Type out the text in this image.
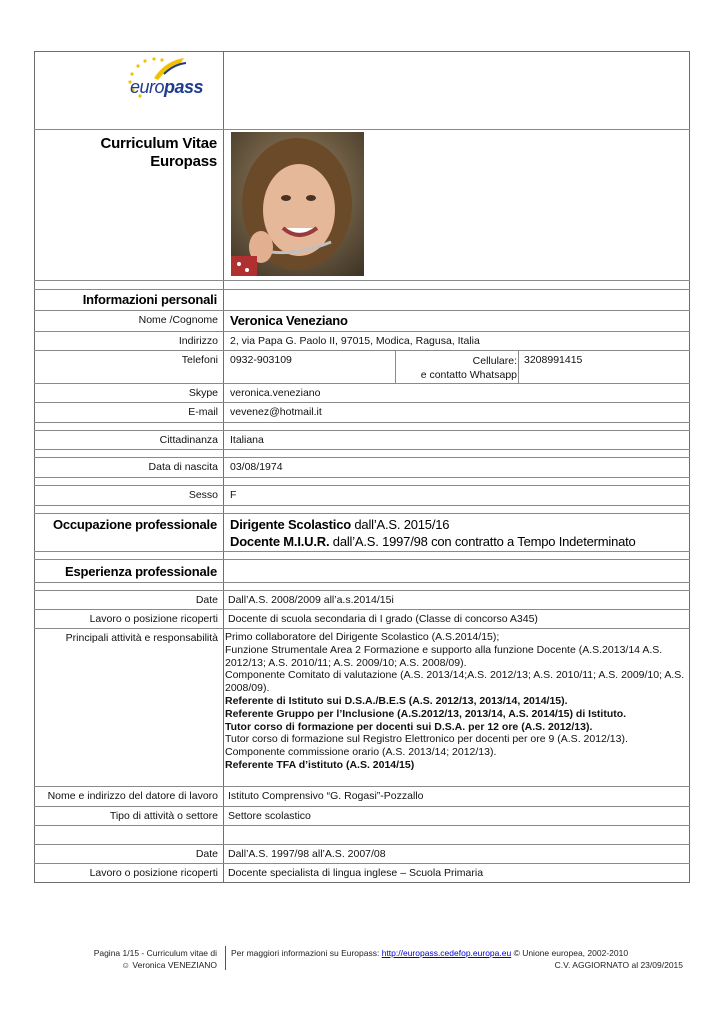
europass
Curriculum Vitae
Europass
Informazioni personali
Nome /Cognome Veronica Veneziano
Indirizzo 2, via Papa G. Paolo II, 97015, Modica, Ragusa, Italia
Telefoni 0932-903109	Cellulare:
e contatto Whatsapp
3208991415
Skype veronica.veneziano
E-mail vevenez@hotmail.it
Cittadinanza Italiana
Data di nascita 03/08/1974
Sesso F
Occupazione professionale Dirigente Scolastico dall’A.S. 2015/16
Docente M.I.U.R. dall’A.S. 1997/98 con contratto a Tempo Indeterminato
Esperienza professionale
Date Dall’A.S. 2008/2009 all’a.s.2014/15i
Lavoro o posizione ricoperti Docente di scuola secondaria di I grado (Classe di concorso A345)
Principali attività e responsabilità Primo collaboratore del Dirigente Scolastico (A.S.2014/15);
Funzione Strumentale Area 2 Formazione e supporto alla funzione Docente (A.S.2013/14 A.S. 2012/13; A.S. 2010/11; A.S. 2009/10; A.S. 2008/09).
Componente Comitato di valutazione (A.S. 2013/14;A.S. 2012/13; A.S. 2010/11; A.S. 2009/10; A.S. 2008/09).
Referente di Istituto sui D.S.A./B.E.S (A.S. 2012/13, 2013/14, 2014/15).
Referente Gruppo per l’Inclusione (A.S.2012/13, 2013/14, A.S. 2014/15) di Istituto.
Tutor corso di formazione per docenti sui D.S.A. per 12 ore (A.S. 2012/13).
Tutor corso di formazione sul Registro Elettronico per docenti per ore 9 (A.S. 2012/13).
Componente commissione orario (A.S. 2013/14; 2012/13).
Referente TFA d’istituto (A.S. 2014/15)
Nome e indirizzo del datore di lavoro Istituto Comprensivo “G. Rogasi”-Pozzallo
Tipo di attività o settore Settore scolastico
Date Dall’A.S. 1997/98 all’A.S. 2007/08
Lavoro o posizione ricoperti Docente specialista di lingua inglese – Scuola Primaria
Pagina 1/15 - Curriculum vitae di
☺ Veronica VENEZIANO
Per maggiori informazioni su Europass: http://europass.cedefop.europa.eu © Unione europea, 2002-2010
C.V. AGGIORNATO al 23/09/2015
